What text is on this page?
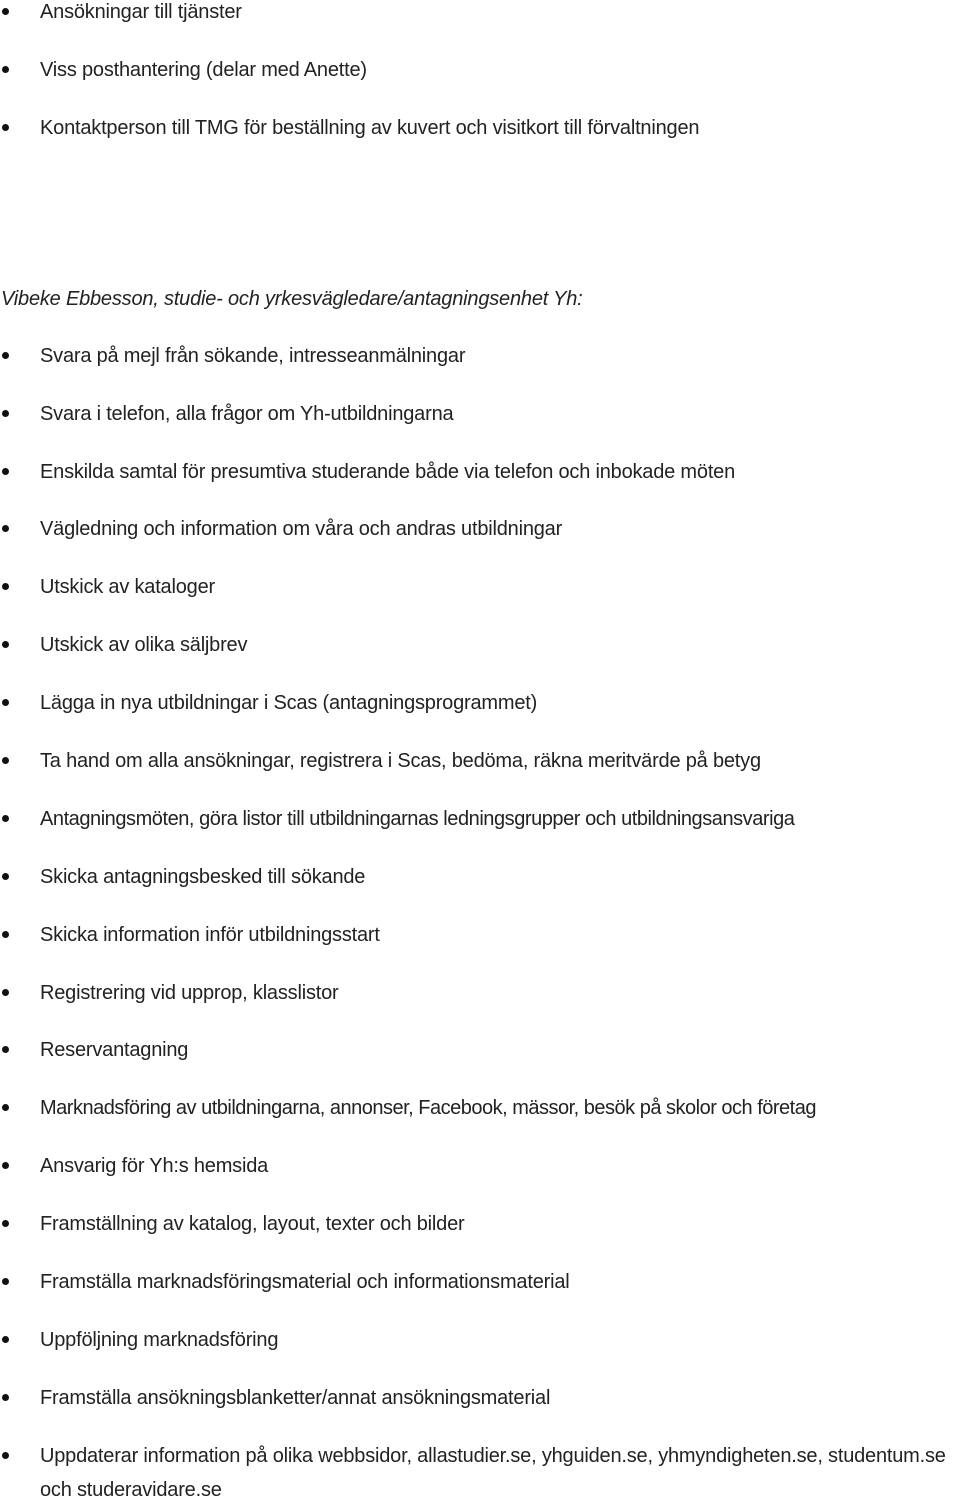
Ansökningar till tjänster
Viss posthantering (delar med Anette)
Kontaktperson till TMG för beställning av kuvert och visitkort till förvaltningen
Vibeke Ebbesson, studie- och yrkesvägledare/antagningsenhet Yh:
Svara på mejl från sökande, intresseanmälningar
Svara i telefon, alla frågor om Yh-utbildningarna
Enskilda samtal för presumtiva studerande både via telefon och inbokade möten
Vägledning och information om våra och andras utbildningar
Utskick av kataloger
Utskick av olika säljbrev
Lägga in nya utbildningar i Scas (antagningsprogrammet)
Ta hand om alla ansökningar, registrera i Scas, bedöma, räkna meritvärde på betyg
Antagningsmöten, göra listor till utbildningarnas ledningsgrupper och utbildningsansvariga
Skicka antagningsbesked till sökande
Skicka information inför utbildningsstart
Registrering vid upprop, klasslistor
Reservantagning
Marknadsföring av utbildningarna, annonser, Facebook, mässor, besök på skolor och företag
Ansvarig för Yh:s hemsida
Framställning av katalog, layout, texter och bilder
Framställa marknadsföringsmaterial och informationsmaterial
Uppföljning marknadsföring
Framställa ansökningsblanketter/annat ansökningsmaterial
Uppdaterar information på olika webbsidor, allastudier.se, yhguiden.se, yhmyndigheten.se, studentum.se och studeravidare.se
